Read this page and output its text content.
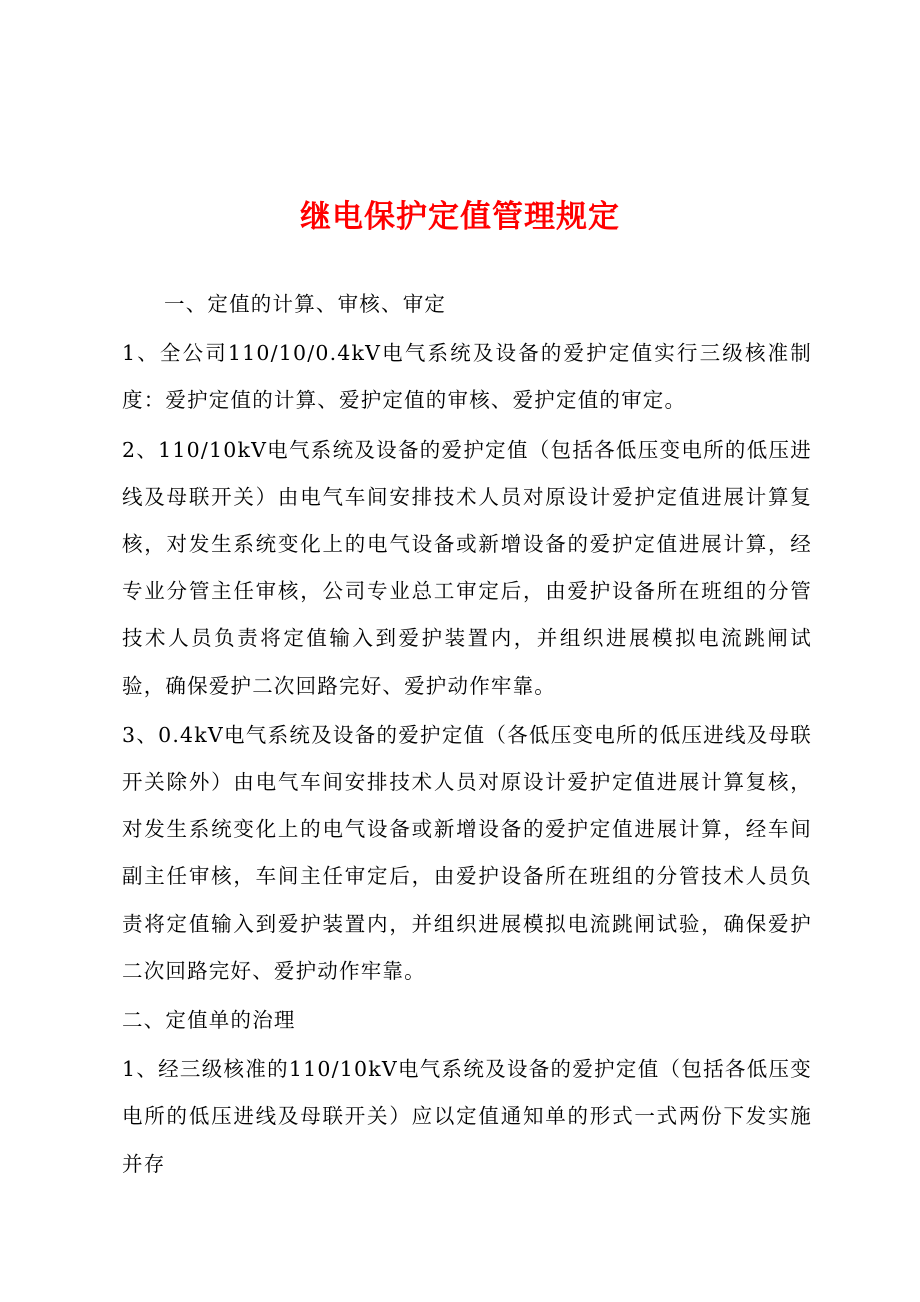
继电保护定值管理规定

一、定值的计算、审核、审定

1、全公司110/10/0.4kV电气系统及设备的爱护定值实行三级核准制度：爱护定值的计算、爱护定值的审核、爱护定值的审定。

2、110/10kV电气系统及设备的爱护定值（包括各低压变电所的低压进线及母联开关）由电气车间安排技术人员对原设计爱护定值进展计算复核，对发生系统变化上的电气设备或新增设备的爱护定值进展计算，经专业分管主任审核，公司专业总工审定后，由爱护设备所在班组的分管技术人员负责将定值输入到爱护装置内，并组织进展模拟电流跳闸试验，确保爱护二次回路完好、爱护动作牢靠。

3、0.4kV电气系统及设备的爱护定值（各低压变电所的低压进线及母联开关除外）由电气车间安排技术人员对原设计爱护定值进展计算复核，对发生系统变化上的电气设备或新增设备的爱护定值进展计算，经车间副主任审核，车间主任审定后，由爱护设备所在班组的分管技术人员负责将定值输入到爱护装置内，并组织进展模拟电流跳闸试验，确保爱护二次回路完好、爱护动作牢靠。

二、定值单的治理

1、经三级核准的110/10kV电气系统及设备的爱护定值（包括各低压变电所的低压进线及母联开关）应以定值通知单的形式一式两份下发实施并存
